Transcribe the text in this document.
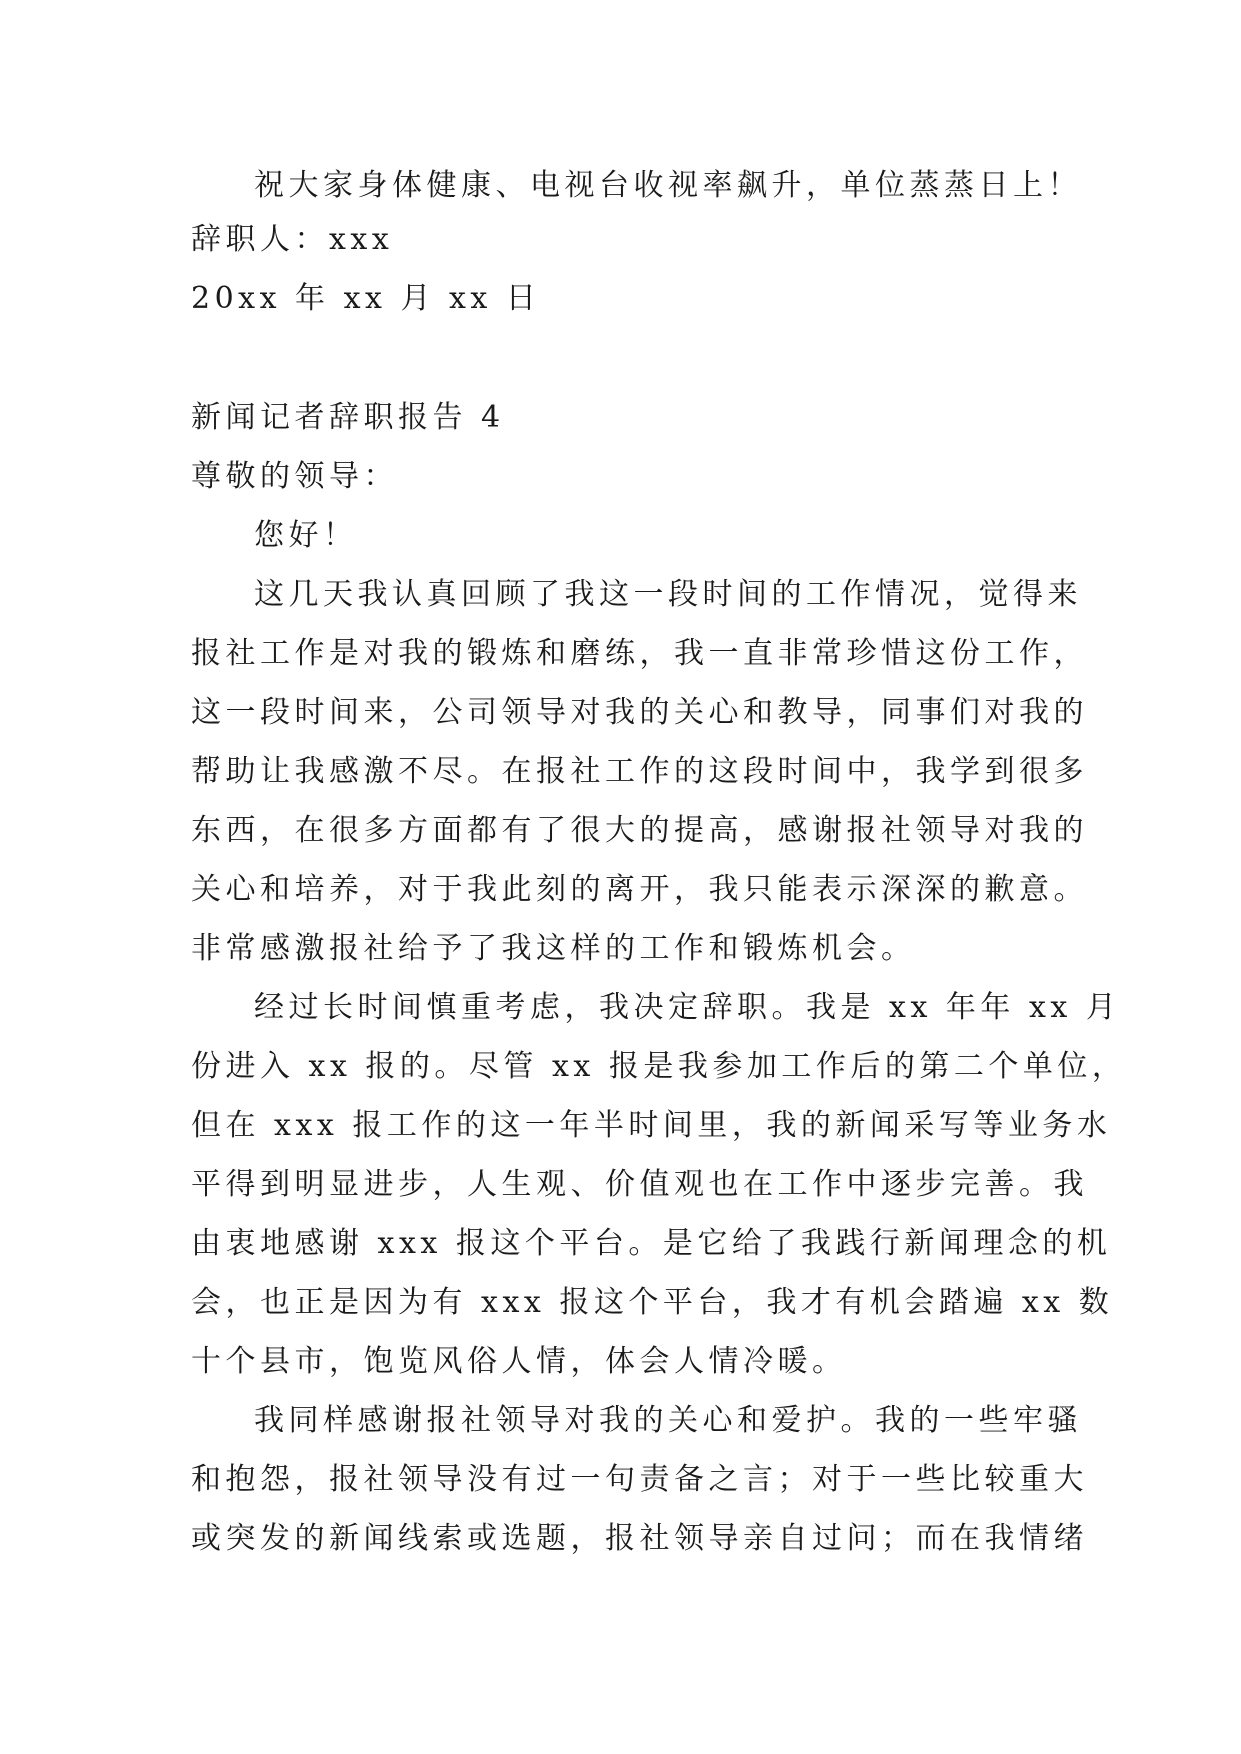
祝大家身体健康、电视台收视率飙升，单位蒸蒸日上！
辞职人：xxx
20xx 年 xx 月 xx 日
新闻记者辞职报告 4
尊敬的领导：
您好！
这几天我认真回顾了我这一段时间的工作情况，觉得来
报社工作是对我的锻炼和磨练，我一直非常珍惜这份工作，
这一段时间来，公司领导对我的关心和教导，同事们对我的
帮助让我感激不尽。在报社工作的这段时间中，我学到很多
东西，在很多方面都有了很大的提高，感谢报社领导对我的
关心和培养，对于我此刻的离开，我只能表示深深的歉意。
非常感激报社给予了我这样的工作和锻炼机会。
经过长时间慎重考虑，我决定辞职。我是 xx 年年 xx 月
份进入 xx 报的。尽管 xx 报是我参加工作后的第二个单位，
但在 xxx 报工作的这一年半时间里，我的新闻采写等业务水
平得到明显进步，人生观、价值观也在工作中逐步完善。我
由衷地感谢 xxx 报这个平台。是它给了我践行新闻理念的机
会，也正是因为有 xxx 报这个平台，我才有机会踏遍 xx 数
十个县市，饱览风俗人情，体会人情冷暖。
我同样感谢报社领导对我的关心和爱护。我的一些牢骚
和抱怨，报社领导没有过一句责备之言；对于一些比较重大
或突发的新闻线索或选题，报社领导亲自过问；而在我情绪
